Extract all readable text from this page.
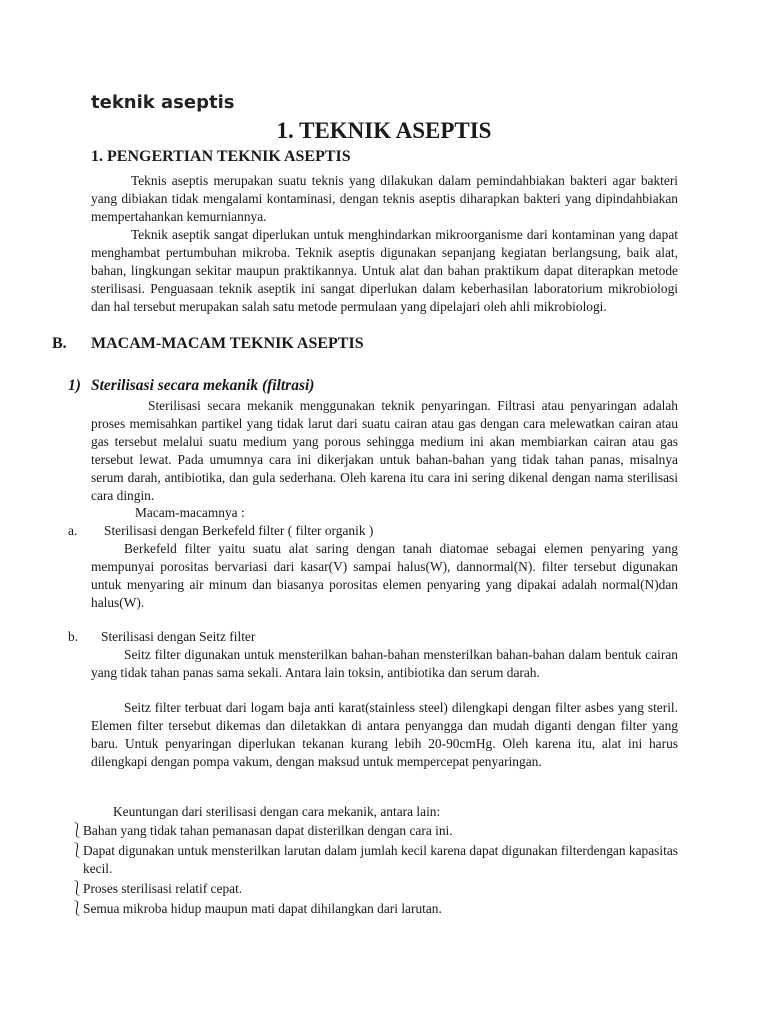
teknik aseptis
1. TEKNIK ASEPTIS
1. PENGERTIAN TEKNIK ASEPTIS

Teknis aseptis merupakan suatu teknis yang dilakukan dalam pemindahbiakan bakteri agar bakteri yang dibiakan tidak mengalami kontaminasi, dengan teknis aseptis diharapkan bakteri yang dipindahbiakan mempertahankan kemurniannya.

Teknik aseptik sangat diperlukan untuk menghindarkan mikroorganisme dari kontaminan yang dapat menghambat pertumbuhan mikroba. Teknik aseptis digunakan sepanjang kegiatan berlangsung, baik alat, bahan, lingkungan sekitar maupun praktikannya. Untuk alat dan bahan praktikum dapat diterapkan metode sterilisasi. Penguasaan teknik aseptik ini sangat diperlukan dalam keberhasilan laboratorium mikrobiologi dan hal tersebut merupakan salah satu metode permulaan yang dipelajari oleh ahli mikrobiologi.

B. MACAM-MACAM TEKNIK ASEPTIS
1) Sterilisasi secara mekanik (filtrasi)

Sterilisasi secara mekanik menggunakan teknik penyaringan. Filtrasi atau penyaringan adalah proses memisahkan partikel yang tidak larut dari suatu cairan atau gas dengan cara melewatkan cairan atau gas tersebut melalui suatu medium yang porous sehingga medium ini akan membiarkan cairan atau gas tersebut lewat. Pada umumnya cara ini dikerjakan untuk bahan-bahan yang tidak tahan panas, misalnya serum darah, antibiotika, dan gula sederhana. Oleh karena itu cara ini sering dikenal dengan nama sterilisasi cara dingin.

Macam-macamnya :

a. Sterilisasi dengan Berkefeld filter ( filter organik )

Berkefeld filter yaitu suatu alat saring dengan tanah diatomae sebagai elemen penyaring yang mempunyai porositas bervariasi dari kasar(V) sampai halus(W), dannormal(N). filter tersebut digunakan untuk menyaring air minum dan biasanya porositas elemen penyaring yang dipakai adalah normal(N)dan halus(W).

b. Sterilisasi dengan Seitz filter

Seitz filter digunakan untuk mensterilkan bahan-bahan mensterilkan bahan-bahan dalam bentuk cairan yang tidak tahan panas sama sekali. Antara lain toksin, antibiotika dan serum darah.

Seitz filter terbuat dari logam baja anti karat(stainless steel) dilengkapi dengan filter asbes yang steril. Elemen filter tersebut dikemas dan diletakkan di antara penyangga dan mudah diganti dengan filter yang baru. Untuk penyaringan diperlukan tekanan kurang lebih 20-90cmHg. Oleh karena itu, alat ini harus dilengkapi dengan pompa vakum, dengan maksud untuk mempercepat penyaringan.

Keuntungan dari sterilisasi dengan cara mekanik, antara lain:

⎱ Bahan yang tidak tahan pemanasan dapat disterilkan dengan cara ini.
⎱ Dapat digunakan untuk mensterilkan larutan dalam jumlah kecil karena dapat digunakan filterdengan kapasitas kecil.
⎱ Proses sterilisasi relatif cepat.
⎱ Semua mikroba hidup maupun mati dapat dihilangkan dari larutan.
